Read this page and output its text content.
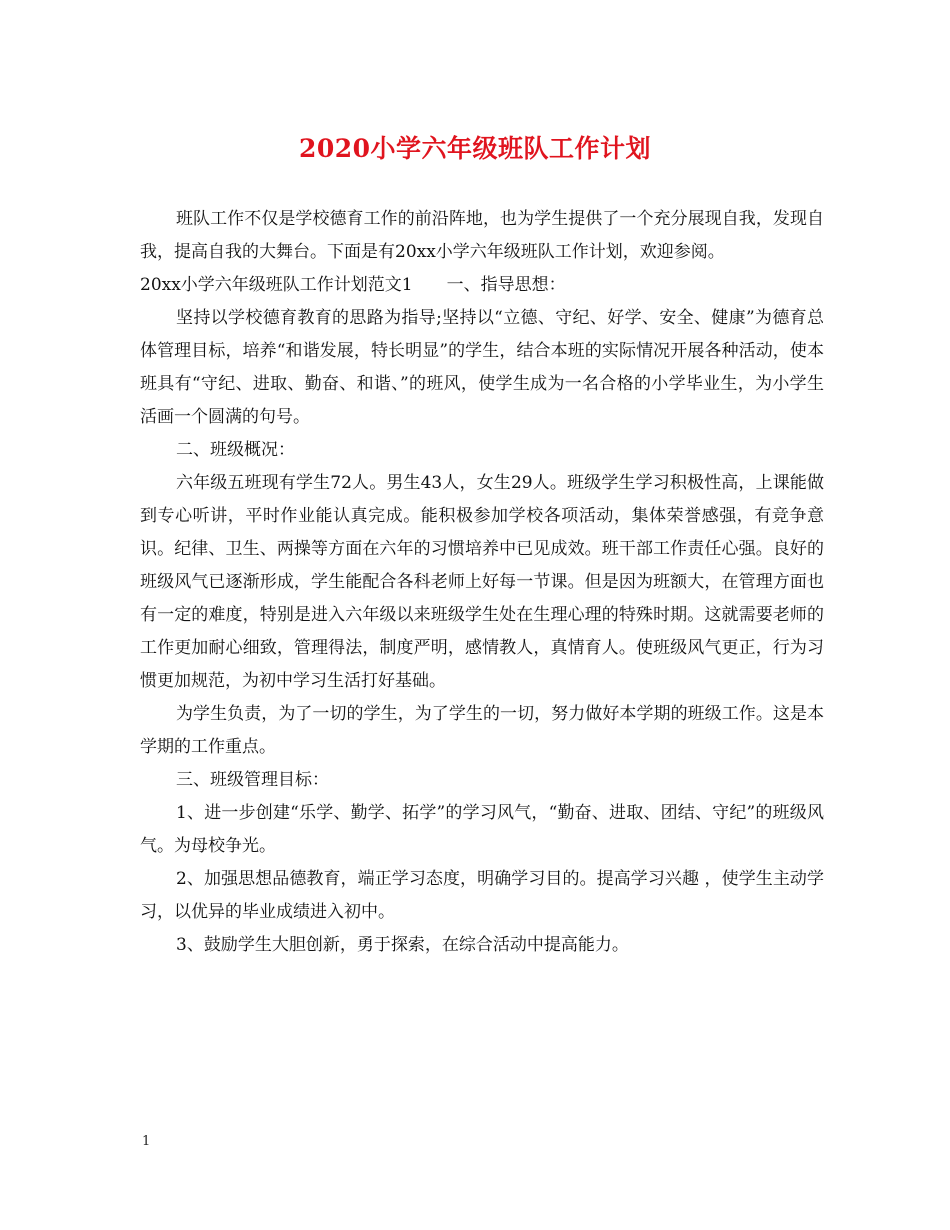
2020小学六年级班队工作计划

班队工作不仅是学校德育工作的前沿阵地，也为学生提供了一个充分展现自我，发现自我，提高自我的大舞台。下面是有20xx小学六年级班队工作计划，欢迎参阅。

20xx小学六年级班队工作计划范文1　　一、指导思想：

坚持以学校德育教育的思路为指导;坚持以“立德、守纪、好学、安全、健康”为德育总体管理目标，培养“和谐发展，特长明显”的学生，结合本班的实际情况开展各种活动，使本班具有“守纪、进取、勤奋、和谐、”的班风，使学生成为一名合格的小学毕业生，为小学生活画一个圆满的句号。

二、班级概况：

六年级五班现有学生72人。男生43人，女生29人。班级学生学习积极性高，上课能做到专心听讲，平时作业能认真完成。能积极参加学校各项活动，集体荣誉感强，有竞争意识。纪律、卫生、两操等方面在六年的习惯培养中已见成效。班干部工作责任心强。良好的班级风气已逐渐形成，学生能配合各科老师上好每一节课。但是因为班额大，在管理方面也有一定的难度，特别是进入六年级以来班级学生处在生理心理的特殊时期。这就需要老师的工作更加耐心细致，管理得法，制度严明，感情教人，真情育人。使班级风气更正，行为习惯更加规范，为初中学习生活打好基础。

为学生负责，为了一切的学生，为了学生的一切，努力做好本学期的班级工作。这是本学期的工作重点。

三、班级管理目标：

1、进一步创建“乐学、勤学、拓学”的学习风气，“勤奋、进取、团结、守纪”的班级风气。为母校争光。

2、加强思想品德教育，端正学习态度，明确学习目的。提高学习兴趣 ，使学生主动学习，以优异的毕业成绩进入初中。

3、鼓励学生大胆创新，勇于探索，在综合活动中提高能力。

1
